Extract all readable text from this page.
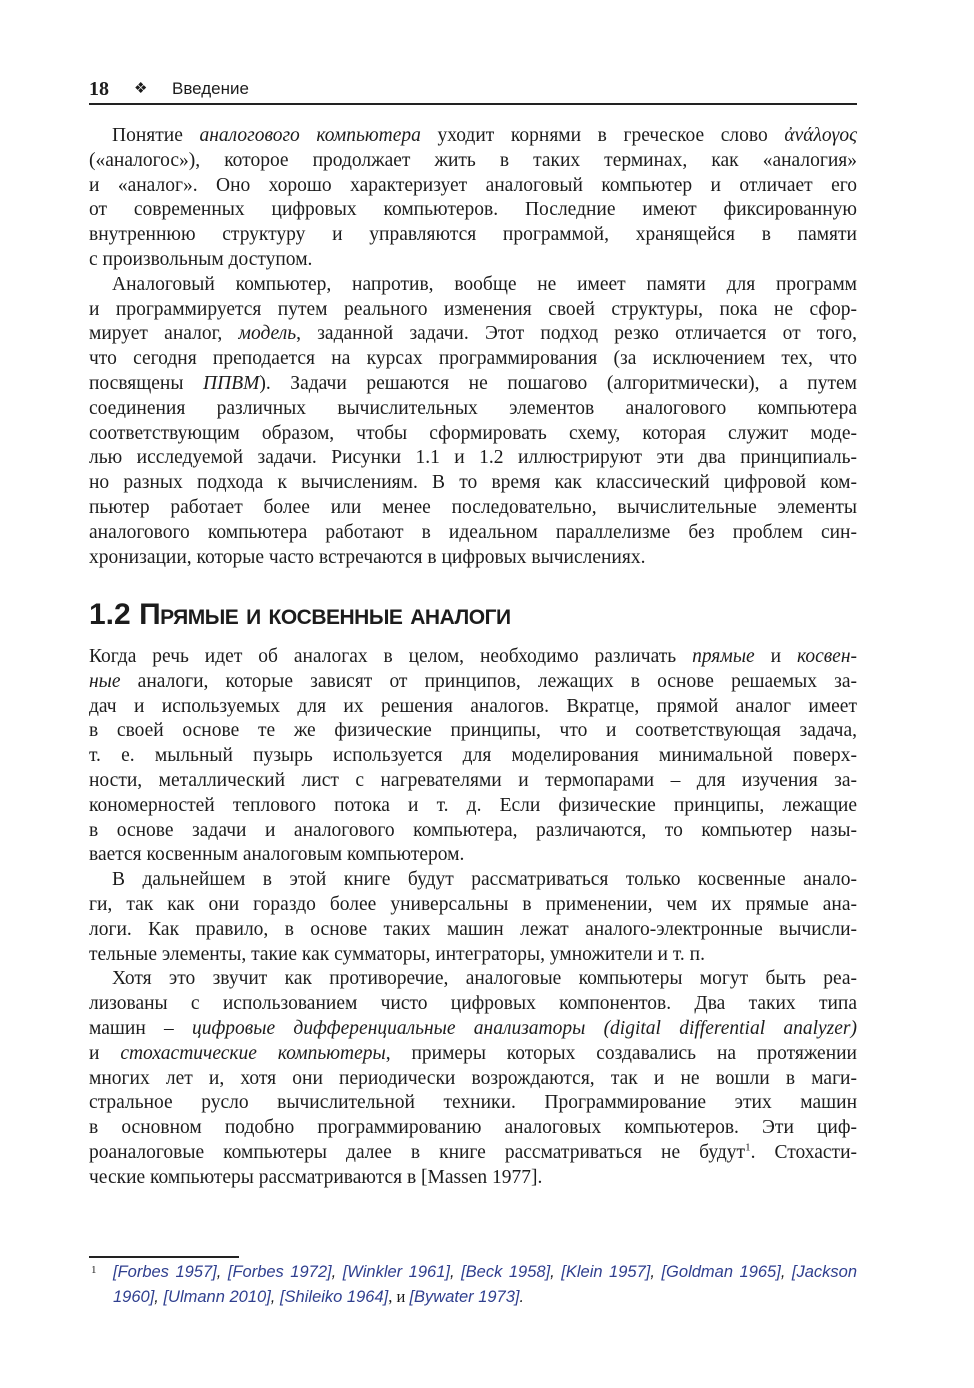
18 ❖ Введение
Понятие аналогового компьютера уходит корнями в греческое слово ἀνάλογος
(«аналогос»), которое продолжает жить в таких терминах, как «аналогия»
и «аналог». Оно хорошо характеризует аналоговый компьютер и отличает его
от современных цифровых компьютеров. Последние имеют фиксированную
внутреннюю структуру и управляются программой, хранящейся в памяти
с произвольным доступом.
Аналоговый компьютер, напротив, вообще не имеет памяти для программ
и программируется путем реального изменения своей структуры, пока не сфор-
мирует аналог, модель, заданной задачи. Этот подход резко отличается от того,
что сегодня преподается на курсах программирования (за исключением тех, что
посвящены ППВМ). Задачи решаются не пошагово (алгоритмически), а путем
соединения различных вычислительных элементов аналогового компьютера
соответствующим образом, чтобы сформировать схему, которая служит моде-
лью исследуемой задачи. Рисунки 1.1 и 1.2 иллюстрируют эти два принципиаль-
но разных подхода к вычислениям. В то время как классический цифровой ком-
пьютер работает более или менее последовательно, вычислительные элементы
аналогового компьютера работают в идеальном параллелизме без проблем син-
хронизации, которые часто встречаются в цифровых вычислениях.
1.2 Прямые и косвенные аналоги
Когда речь идет об аналогах в целом, необходимо различать прямые и косвен-
ные аналоги, которые зависят от принципов, лежащих в основе решаемых за-
дач и используемых для их решения аналогов. Вкратце, прямой аналог имеет
в своей основе те же физические принципы, что и соответствующая задача,
т. е. мыльный пузырь используется для моделирования минимальной поверх-
ности, металлический лист с нагревателями и термопарами – для изучения за-
кономерностей теплового потока и т. д. Если физические принципы, лежащие
в основе задачи и аналогового компьютера, различаются, то компьютер назы-
вается косвенным аналоговым компьютером.
В дальнейшем в этой книге будут рассматриваться только косвенные анало-
ги, так как они гораздо более универсальны в применении, чем их прямые ана-
логи. Как правило, в основе таких машин лежат аналого-электронные вычисли-
тельные элементы, такие как сумматоры, интеграторы, умножители и т. п.
Хотя это звучит как противоречие, аналоговые компьютеры могут быть реа-
лизованы с использованием чисто цифровых компонентов. Два таких типа
машин – цифровые дифференциальные анализаторы (digital differential analyzer)
и стохастические компьютеры, примеры которых создавались на протяжении
многих лет и, хотя они периодически возрождаются, так и не вошли в маги-
стральное русло вычислительной техники. Программирование этих машин
в основном подобно программированию аналоговых компьютеров. Эти циф-
роаналоговые компьютеры далее в книге рассматриваться не будут$^1$. Стохасти-
ческие компьютеры рассматриваются в [Massen 1977].
1	[Forbes 1957], [Forbes 1972], [Winkler 1961], [Beck 1958], [Klein 1957], [Goldman 1965], [Jackson
1960], [Ulmann 2010], [Shileiko 1964], и [Bywater 1973].
